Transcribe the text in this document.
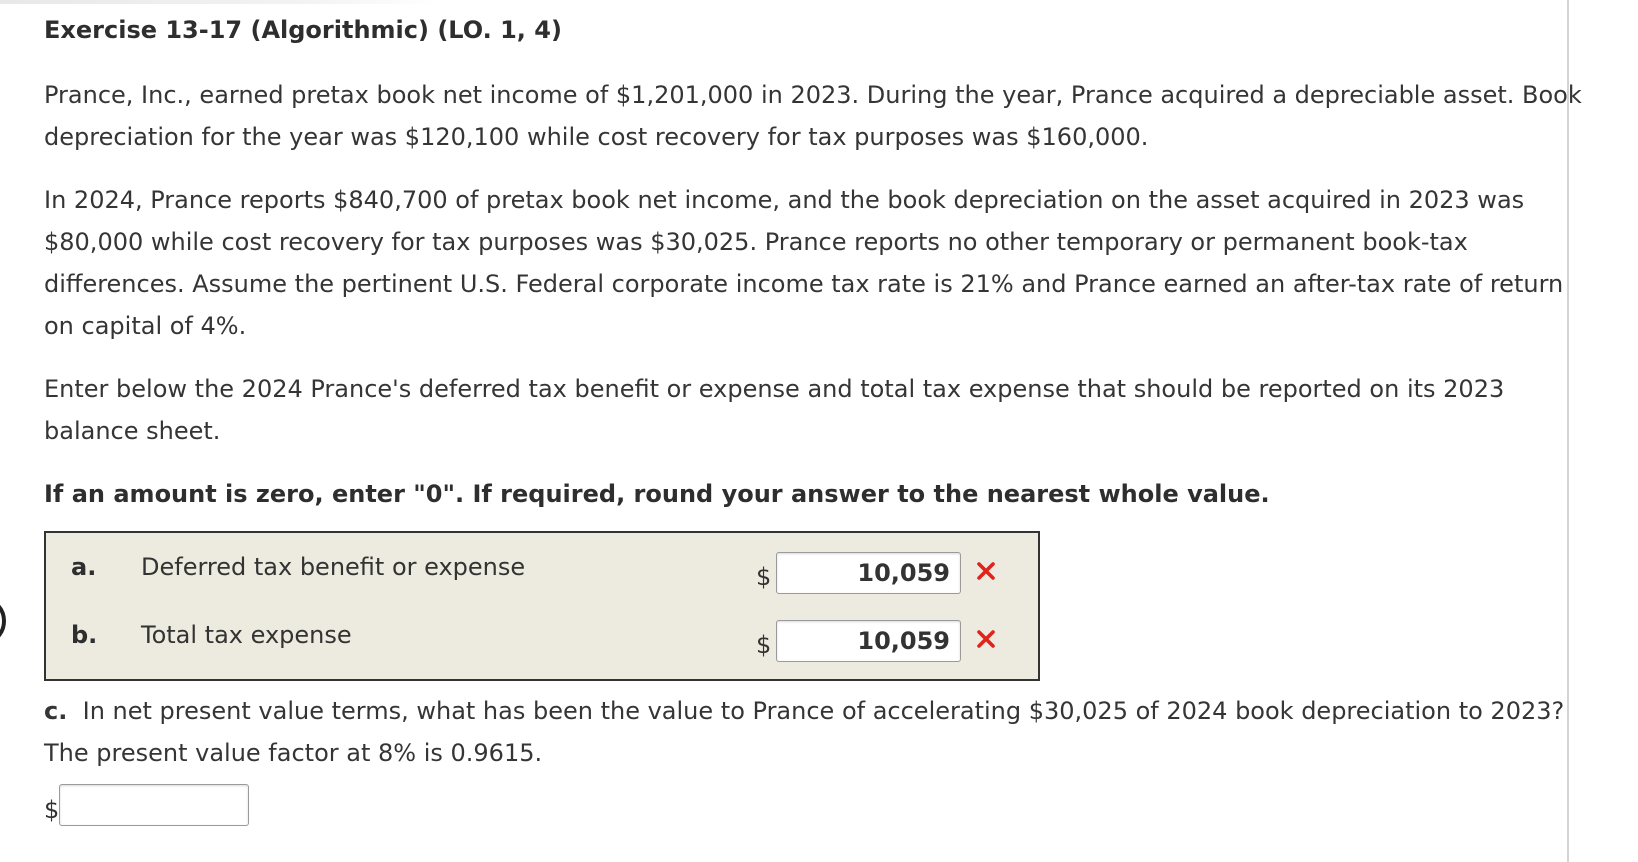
Exercise 13-17 (Algorithmic) (LO. 1, 4)
Prance, Inc., earned pretax book net income of $1,201,000 in 2023. During the year, Prance acquired a depreciable asset. Book
depreciation for the year was $120,100 while cost recovery for tax purposes was $160,000.
In 2024, Prance reports $840,700 of pretax book net income, and the book depreciation on the asset acquired in 2023 was
$80,000 while cost recovery for tax purposes was $30,025. Prance reports no other temporary or permanent book-tax
differences. Assume the pertinent U.S. Federal corporate income tax rate is 21% and Prance earned an after-tax rate of return
on capital of 4%.
Enter below the 2024 Prance's deferred tax benefit or expense and total tax expense that should be reported on its 2023
balance sheet.
If an amount is zero, enter "0". If required, round your answer to the nearest whole value.
a. Deferred tax benefit or expense	$
10,059
b. Total tax expense	$
10,059
c. In net present value terms, what has been the value to Prance of accelerating $30,025 of 2024 book depreciation to 2023?
The present value factor at 8% is 0.9615.
$
